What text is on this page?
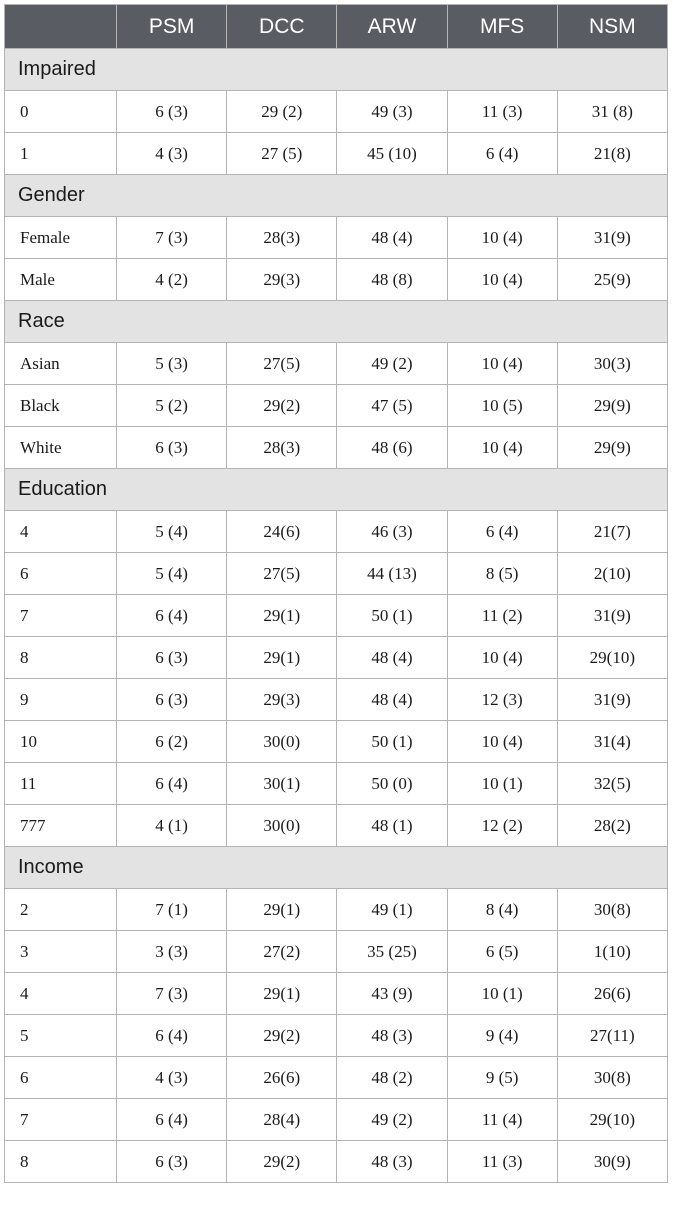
	PSM	DCC	ARW	MFS	NSM
Impaired					
0	6 (3)	29 (2)	49 (3)	11 (3)	31 (8)
1	4 (3)	27 (5)	45 (10)	6 (4)	21(8)
Gender					
Female	7 (3)	28(3)	48 (4)	10 (4)	31(9)
Male	4 (2)	29(3)	48 (8)	10 (4)	25(9)
Race					
Asian	5 (3)	27(5)	49 (2)	10 (4)	30(3)
Black	5 (2)	29(2)	47 (5)	10 (5)	29(9)
White	6 (3)	28(3)	48 (6)	10 (4)	29(9)
Education					
4	5 (4)	24(6)	46 (3)	6 (4)	21(7)
6	5 (4)	27(5)	44 (13)	8 (5)	2(10)
7	6 (4)	29(1)	50 (1)	11 (2)	31(9)
8	6 (3)	29(1)	48 (4)	10 (4)	29(10)
9	6 (3)	29(3)	48 (4)	12 (3)	31(9)
10	6 (2)	30(0)	50 (1)	10 (4)	31(4)
11	6 (4)	30(1)	50 (0)	10 (1)	32(5)
777	4 (1)	30(0)	48 (1)	12 (2)	28(2)
Income					
2	7 (1)	29(1)	49 (1)	8 (4)	30(8)
3	3 (3)	27(2)	35 (25)	6 (5)	1(10)
4	7 (3)	29(1)	43 (9)	10 (1)	26(6)
5	6 (4)	29(2)	48 (3)	9 (4)	27(11)
6	4 (3)	26(6)	48 (2)	9 (5)	30(8)
7	6 (4)	28(4)	49 (2)	11 (4)	29(10)
8	6 (3)	29(2)	48 (3)	11 (3)	30(9)
